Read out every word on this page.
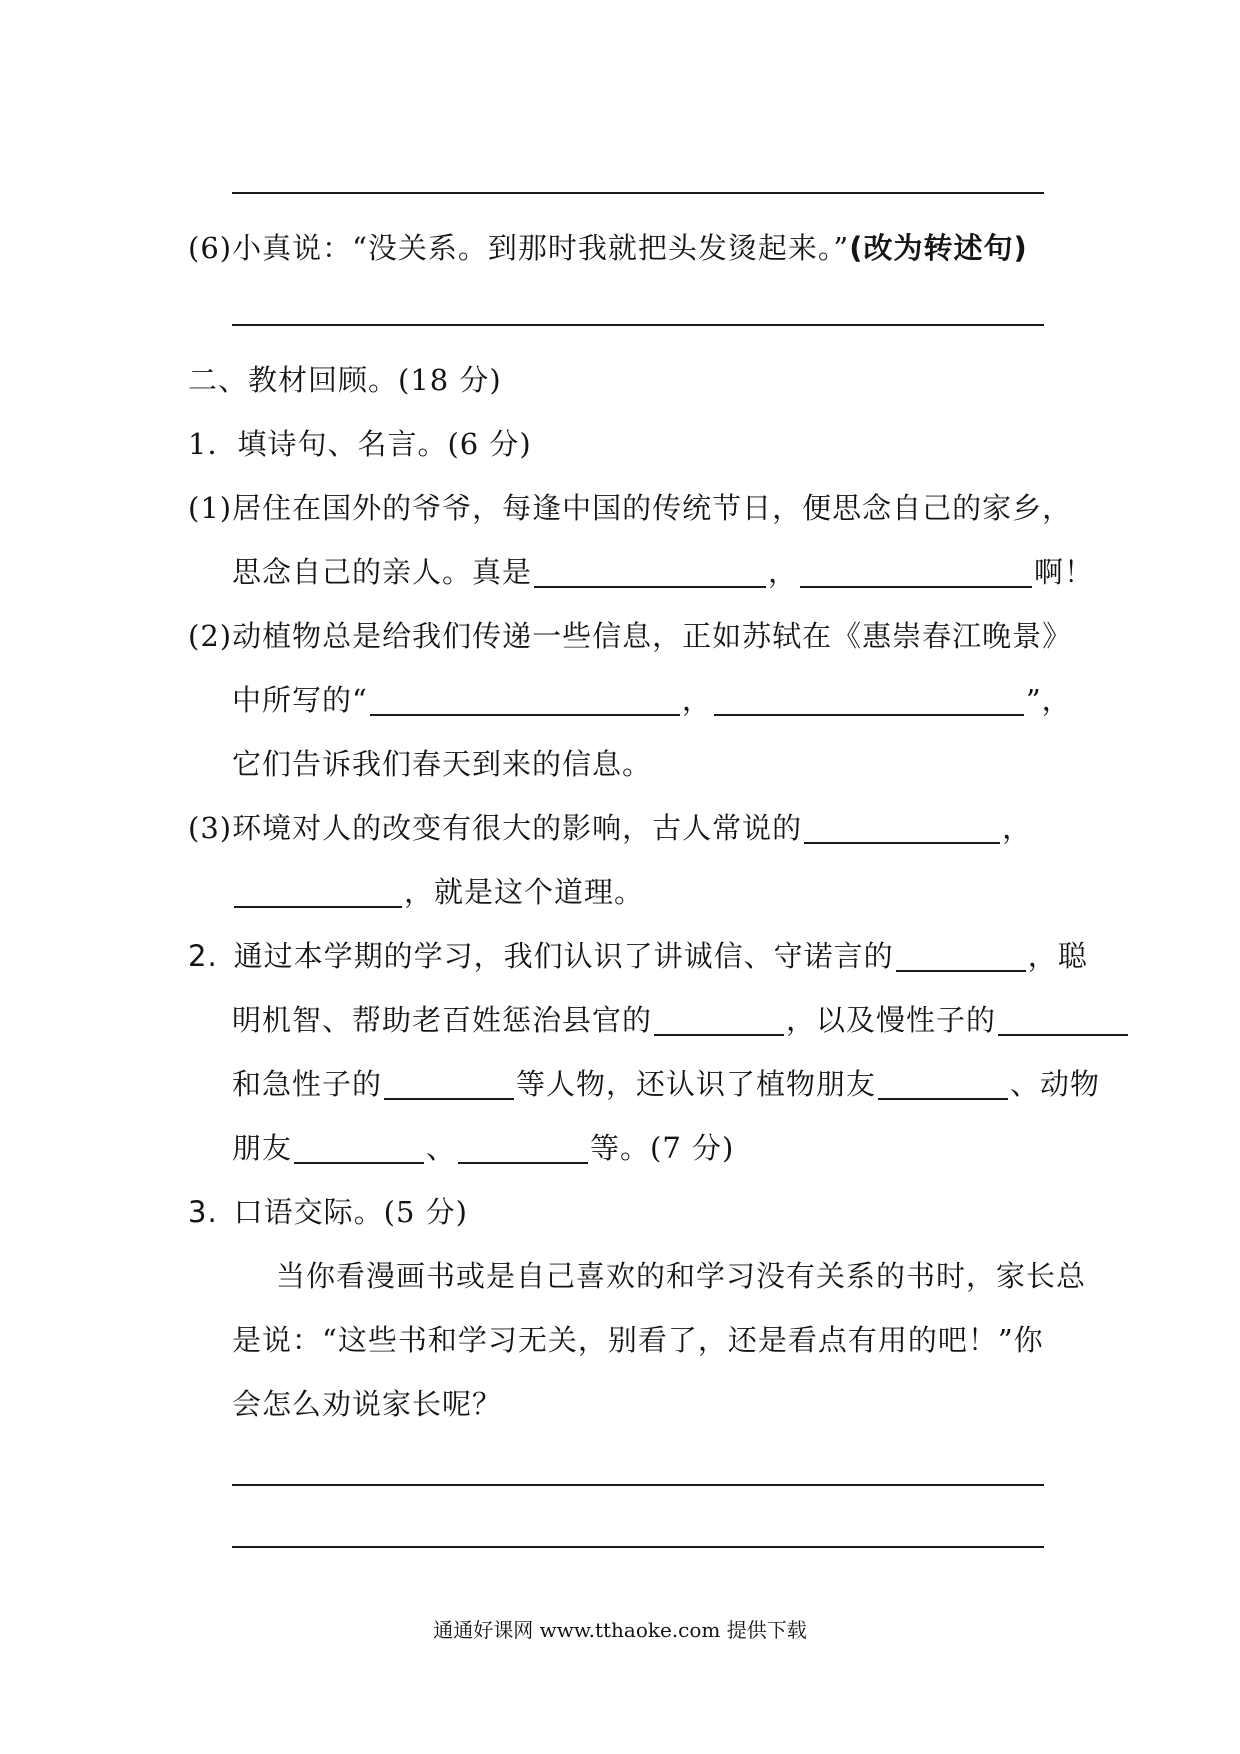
(6)小真说：“没关系。到那时我就把头发烫起来。”(改为转述句)
二、教材回顾。(18 分)
1．填诗句、名言。(6 分)
(1)居住在国外的爷爷，每逢中国的传统节日，便思念自己的家乡，
思念自己的亲人。真是	，	啊！
(2)动植物总是给我们传递一些信息，正如苏轼在《惠崇春江晚景》
中所写的“	，	”，
它们告诉我们春天到来的信息。
(3)环境对人的改变有很大的影响，古人常说的	，
，就是这个道理。
2. 通过本学期的学习，我们认识了讲诚信、守诺言的	，聪
明机智、帮助老百姓惩治县官的	，以及慢性子的
和急性子的	等人物，还认识了植物朋友	、动物
朋友	、	等。(7 分)
3. 口语交际。(5 分)
当你看漫画书或是自己喜欢的和学习没有关系的书时，家长总
是说：“这些书和学习无关，别看了，还是看点有用的吧！”你
会怎么劝说家长呢？
通通好课网 www.tthaoke.com 提供下载
